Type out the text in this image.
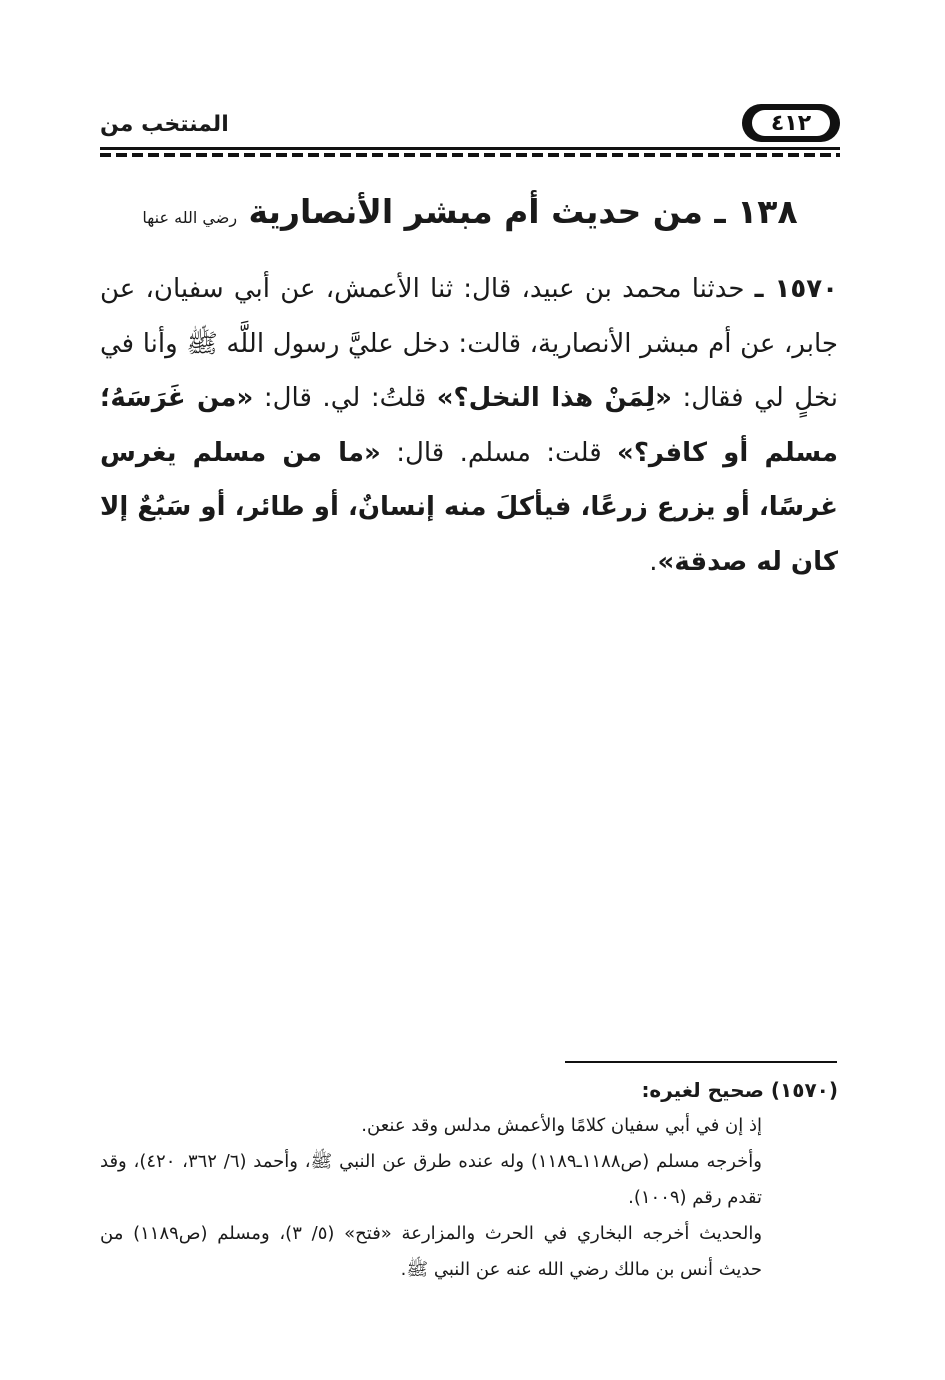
٤١٢
المنتخب من
١٣٨ ـ من حديث أم مبشر الأنصارية رضي الله عنها
١٥٧٠ ـ حدثنا محمد بن عبيد، قال: ثنا الأعمش، عن أبي سفيان، عن جابر، عن أم مبشر الأنصارية، قالت: دخل عليَّ رسول اللَّه ﷺ وأنا في نخلٍ لي فقال: «لِمَنْ هذا النخل؟» قلتُ: لي. قال: «من غَرَسَهُ؛ مسلم أو كافر؟» قلت: مسلم. قال: «ما من مسلم يغرس غرسًا، أو يزرع زرعًا، فيأكلَ منه إنسانٌ، أو طائر، أو سَبُعٌ إلا كان له صدقة».
(١٥٧٠) صحيح لغيره:
إذ إن في أبي سفيان كلامًا والأعمش مدلس وقد عنعن.
وأخرجه مسلم (ص١١٨٨ـ١١٨٩) وله عنده طرق عن النبي ﷺ، وأحمد (٦/ ٣٦٢، ٤٢٠)، وقد تقدم رقم (١٠٠٩).
والحديث أخرجه البخاري في الحرث والمزارعة «فتح» (٥/ ٣)، ومسلم (ص١١٨٩) من حديث أنس بن مالك رضي الله عنه عن النبي ﷺ.
